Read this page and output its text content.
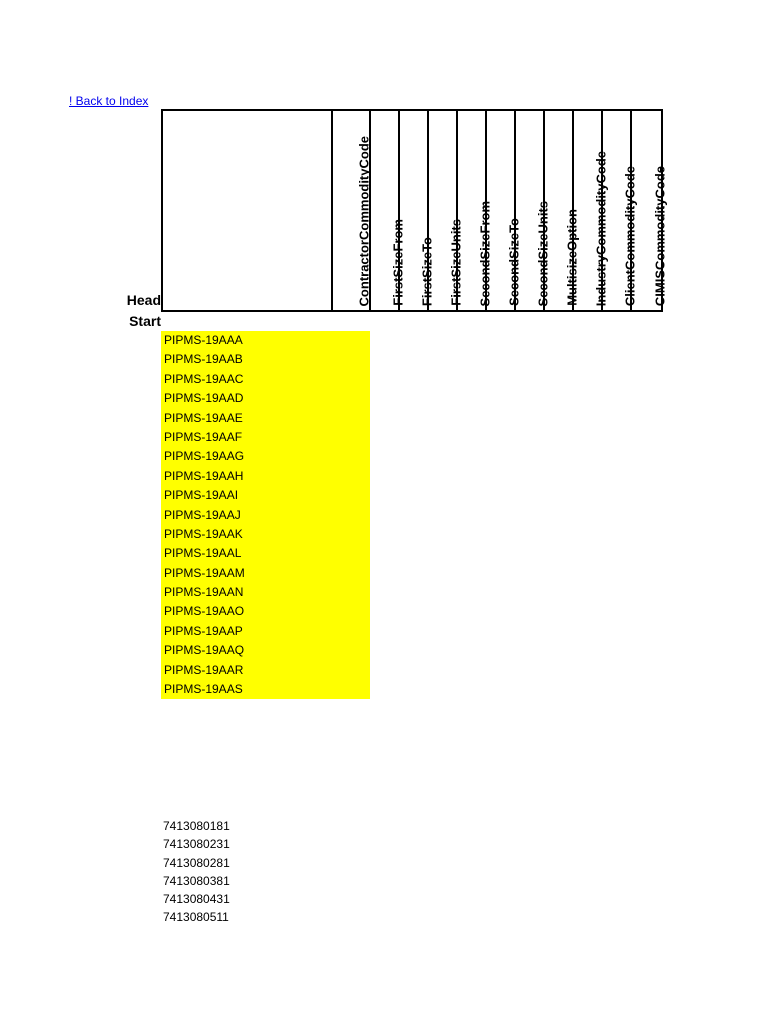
! Back to Index
Head
Start
ContractorCommodityCode FirstSizeFrom FirstSizeTo FirstSizeUnits SecondSizeFrom SecondSizeTo SecondSizeUnits MultisizeOption IndustryCommodityCode ClientCommodityCode CIMISCommodityCode
PIPMS-19AAA
PIPMS-19AAB
PIPMS-19AAC
PIPMS-19AAD
PIPMS-19AAE
PIPMS-19AAF
PIPMS-19AAG
PIPMS-19AAH
PIPMS-19AAI
PIPMS-19AAJ
PIPMS-19AAK
PIPMS-19AAL
PIPMS-19AAM
PIPMS-19AAN
PIPMS-19AAO
PIPMS-19AAP
PIPMS-19AAQ
PIPMS-19AAR
PIPMS-19AAS
7413080181
7413080231
7413080281
7413080381
7413080431
7413080511
